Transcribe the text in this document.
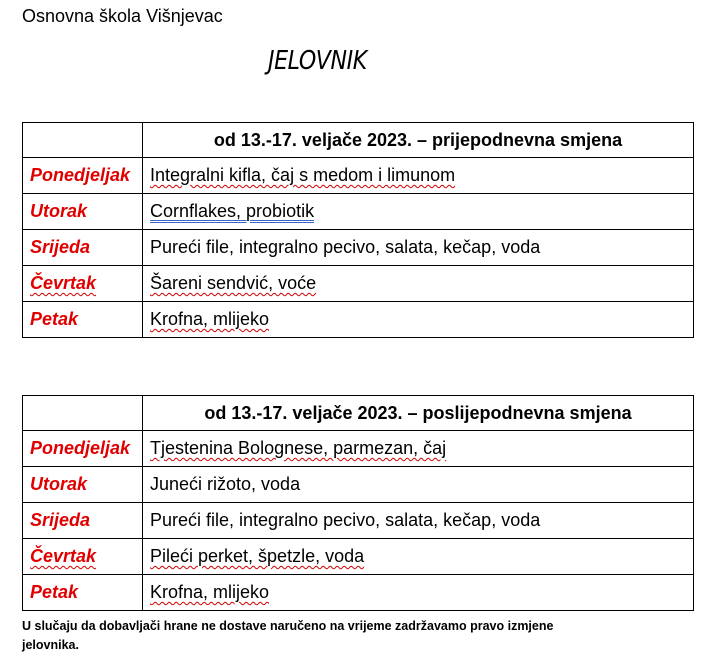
Osnovna škola Višnjevac
JELOVNIK
	od 13.-17. veljače 2023. – prijepodnevna smjena
Ponedjeljak	Integralni kifla, čaj s medom i limunom
Utorak	Cornflakes, probiotik
Srijeda	Pureći file, integralno pecivo, salata, kečap, voda
Čevrtak	Šareni sendvić, voće
Petak	Krofna, mlijeko
	od 13.-17. veljače 2023. – poslijepodnevna smjena
Ponedjeljak	Tjestenina Bolognese, parmezan, čaj
Utorak	Juneći rižoto, voda
Srijeda	Pureći file, integralno pecivo, salata, kečap, voda
Čevrtak	Pileći perket, špetzle, voda
Petak	Krofna, mlijeko
U slučaju da dobavljači hrane ne dostave naručeno na vrijeme zadržavamo pravo izmjene jelovnika.
